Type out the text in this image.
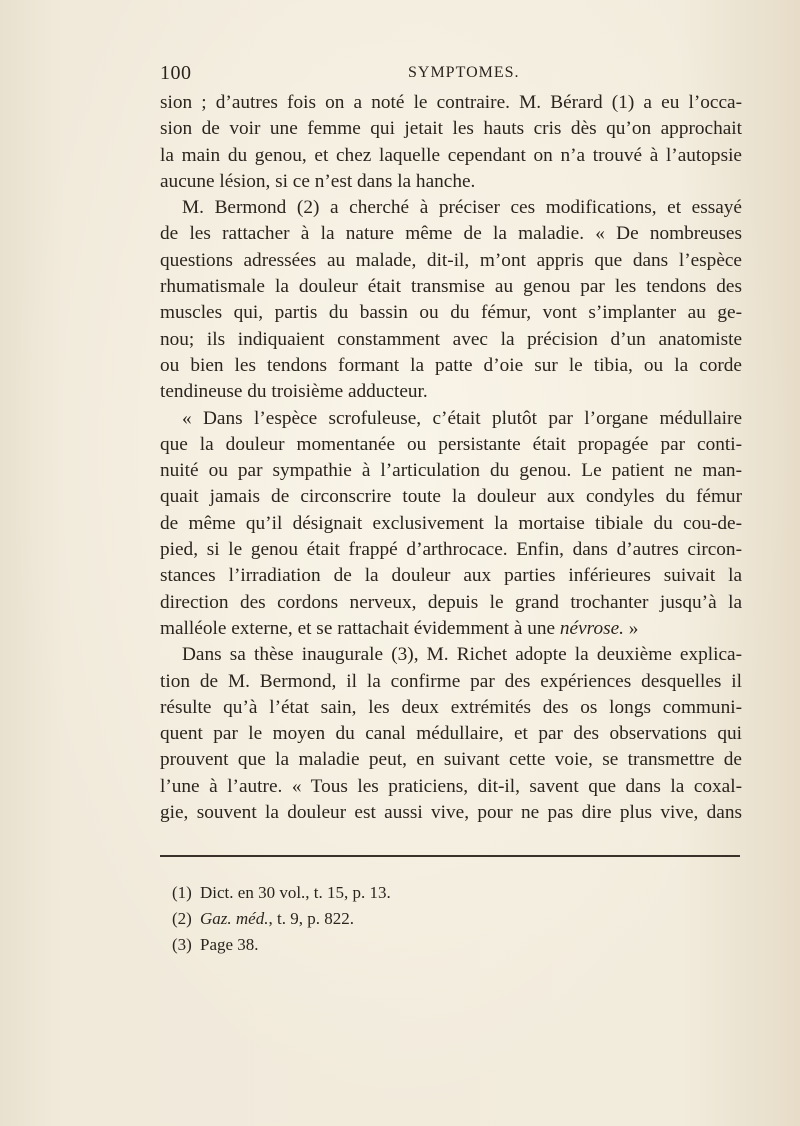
100	SYMPTOMES.
sion ; d’autres fois on a noté le contraire. M. Bérard (1) a eu l’occa-
sion de voir une femme qui jetait les hauts cris dès qu’on approchait
la main du genou, et chez laquelle cependant on n’a trouvé à l’autopsie
aucune lésion, si ce n’est dans la hanche.
M. Bermond (2) a cherché à préciser ces modifications, et essayé
de les rattacher à la nature même de la maladie. « De nombreuses
questions adressées au malade, dit-il, m’ont appris que dans l’espèce
rhumatismale la douleur était transmise au genou par les tendons des
muscles qui, partis du bassin ou du fémur, vont s’implanter au ge-
nou; ils indiquaient constamment avec la précision d’un anatomiste
ou bien les tendons formant la patte d’oie sur le tibia, ou la corde
tendineuse du troisième adducteur.
« Dans l’espèce scrofuleuse, c’était plutôt par l’organe médullaire
que la douleur momentanée ou persistante était propagée par conti-
nuité ou par sympathie à l’articulation du genou. Le patient ne man-
quait jamais de circonscrire toute la douleur aux condyles du fémur
de même qu’il désignait exclusivement la mortaise tibiale du cou-de-
pied, si le genou était frappé d’arthrocace. Enfin, dans d’autres circon-
stances l’irradiation de la douleur aux parties inférieures suivait la
direction des cordons nerveux, depuis le grand trochanter jusqu’à la
malléole externe, et se rattachait évidemment à une névrose. »
Dans sa thèse inaugurale (3), M. Richet adopte la deuxième explica-
tion de M. Bermond, il la confirme par des expériences desquelles il
résulte qu’à l’état sain, les deux extrémités des os longs communi-
quent par le moyen du canal médullaire, et par des observations qui
prouvent que la maladie peut, en suivant cette voie, se transmettre de
l’une à l’autre. « Tous les praticiens, dit-il, savent que dans la coxal-
gie, souvent la douleur est aussi vive, pour ne pas dire plus vive, dans
(1) Dict. en 30 vol., t. 15, p. 13.
(2) Gaz. méd., t. 9, p. 822.
(3) Page 38.
